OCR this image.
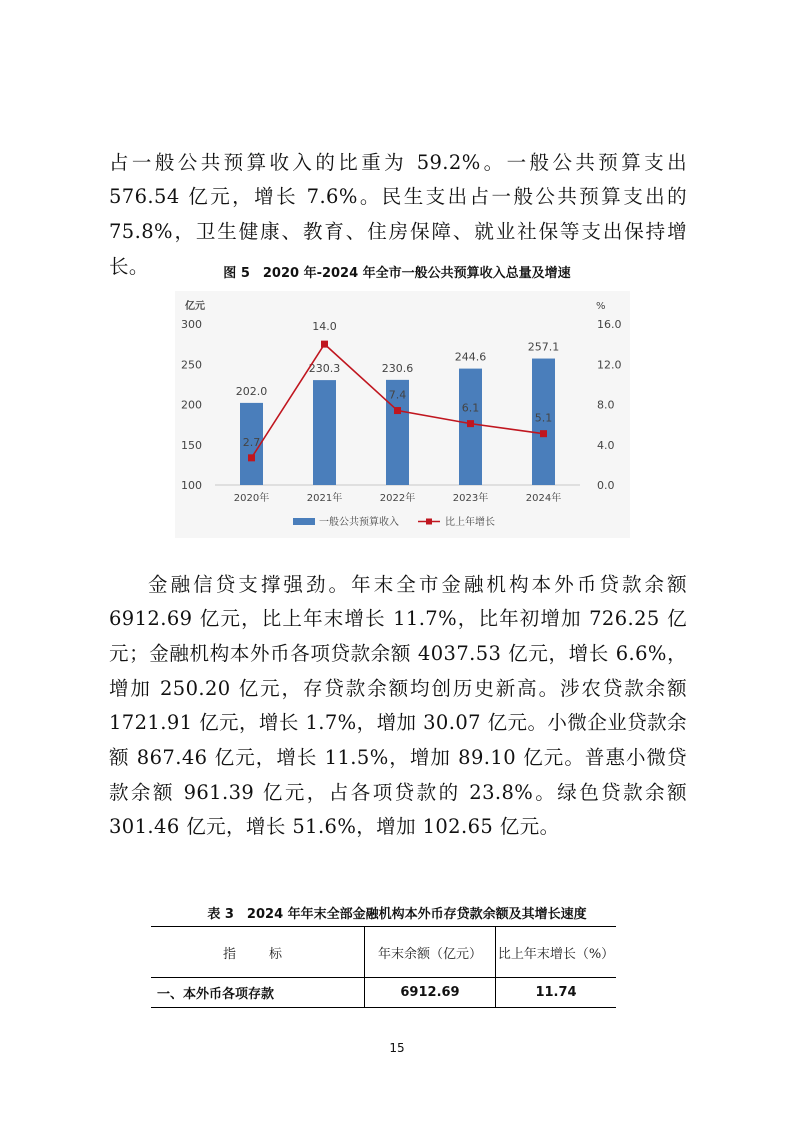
占一般公共预算收入的比重为 59.2%。一般公共预算支出 576.54 亿元，增长 7.6%。民生支出占一般公共预算支出的 75.8%，卫生健康、教育、住房保障、就业社保等支出保持增长。	图 5　2020 年-2024 年全市一般公共预算收入总量及增速
亿元	%
100
150
200
250
300
0.0
4.0
8.0
12.0
16.0
202.0
230.3	230.6
244.6
257.1
2.7
14.0
7.4
6.1
5.1
2020年	2021年	2022年	2023年	2024年
一般公共预算收入	比上年增长

金融信贷支撑强劲。年末全市金融机构本外币贷款余额 6912.69 亿元，比上年末增长 11.7%，比年初增加 726.25 亿元；金融机构本外币各项贷款余额 4037.53 亿元，增长 6.6%，增加 250.20 亿元，存贷款余额均创历史新高。涉农贷款余额 1721.91 亿元，增长 1.7%，增加 30.07 亿元。小微企业贷款余额 867.46 亿元，增长 11.5%，增加 89.10 亿元。普惠小微贷款余额 961.39 亿元，占各项贷款的 23.8%。绿色贷款余额 301.46 亿元，增长 51.6%，增加 102.65 亿元。

表 3　2024 年年末全部金融机构本外币存贷款余额及其增长速度
指　标	年末余额（亿元）	比上年末增长（%）
一、本外币各项存款	6912.69	11.74
15
